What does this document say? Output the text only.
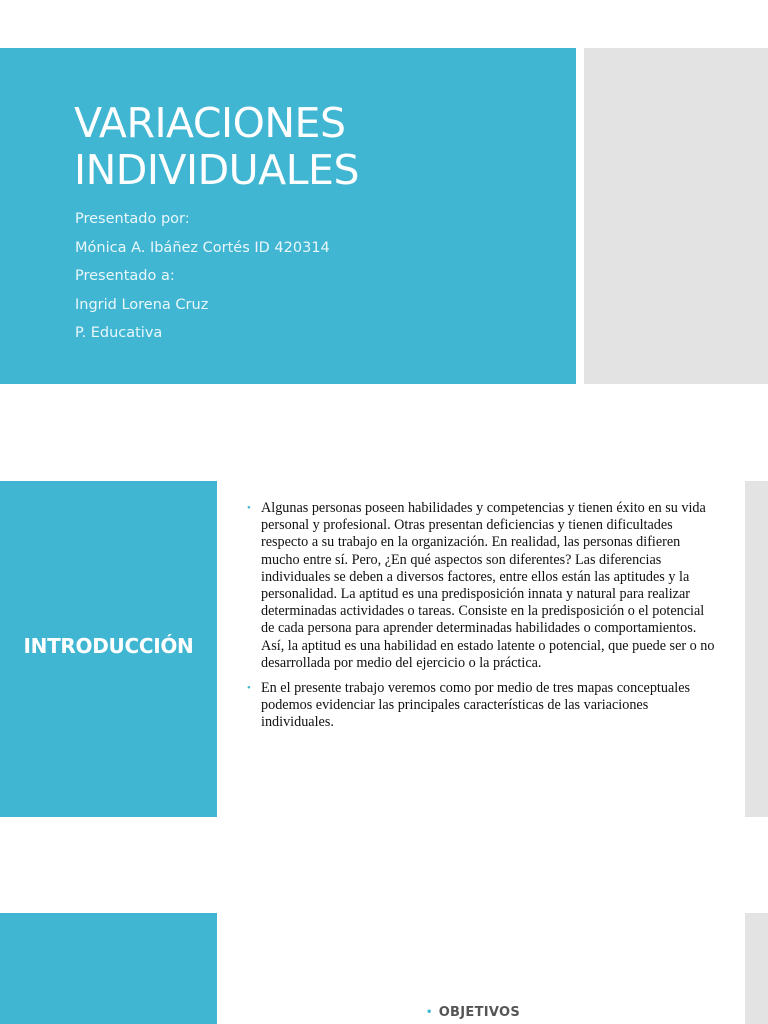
VARIACIONES
INDIVIDUALES
Presentado por:
Mónica A. Ibáñez Cortés ID 420314
Presentado a:
Ingrid Lorena Cruz
P. Educativa
INTRODUCCIÓN
• Algunas personas poseen habilidades y competencias y tienen éxito en su vida personal y profesional. Otras presentan deficiencias y tienen dificultades respecto a su trabajo en la organización. En realidad, las personas difieren mucho entre sí. Pero, ¿En qué aspectos son diferentes? Las diferencias individuales se deben a diversos factores, entre ellos están las aptitudes y la personalidad. La aptitud es una predisposición innata y natural para realizar determinadas actividades o tareas. Consiste en la predisposición o el potencial de cada persona para aprender determinadas habilidades o comportamientos. Así, la aptitud es una habilidad en estado latente o potencial, que puede ser o no desarrollada por medio del ejercicio o la práctica.
• En el presente trabajo veremos como por medio de tres mapas conceptuales podemos evidenciar las principales características de las variaciones individuales.
• OBJETIVOS
